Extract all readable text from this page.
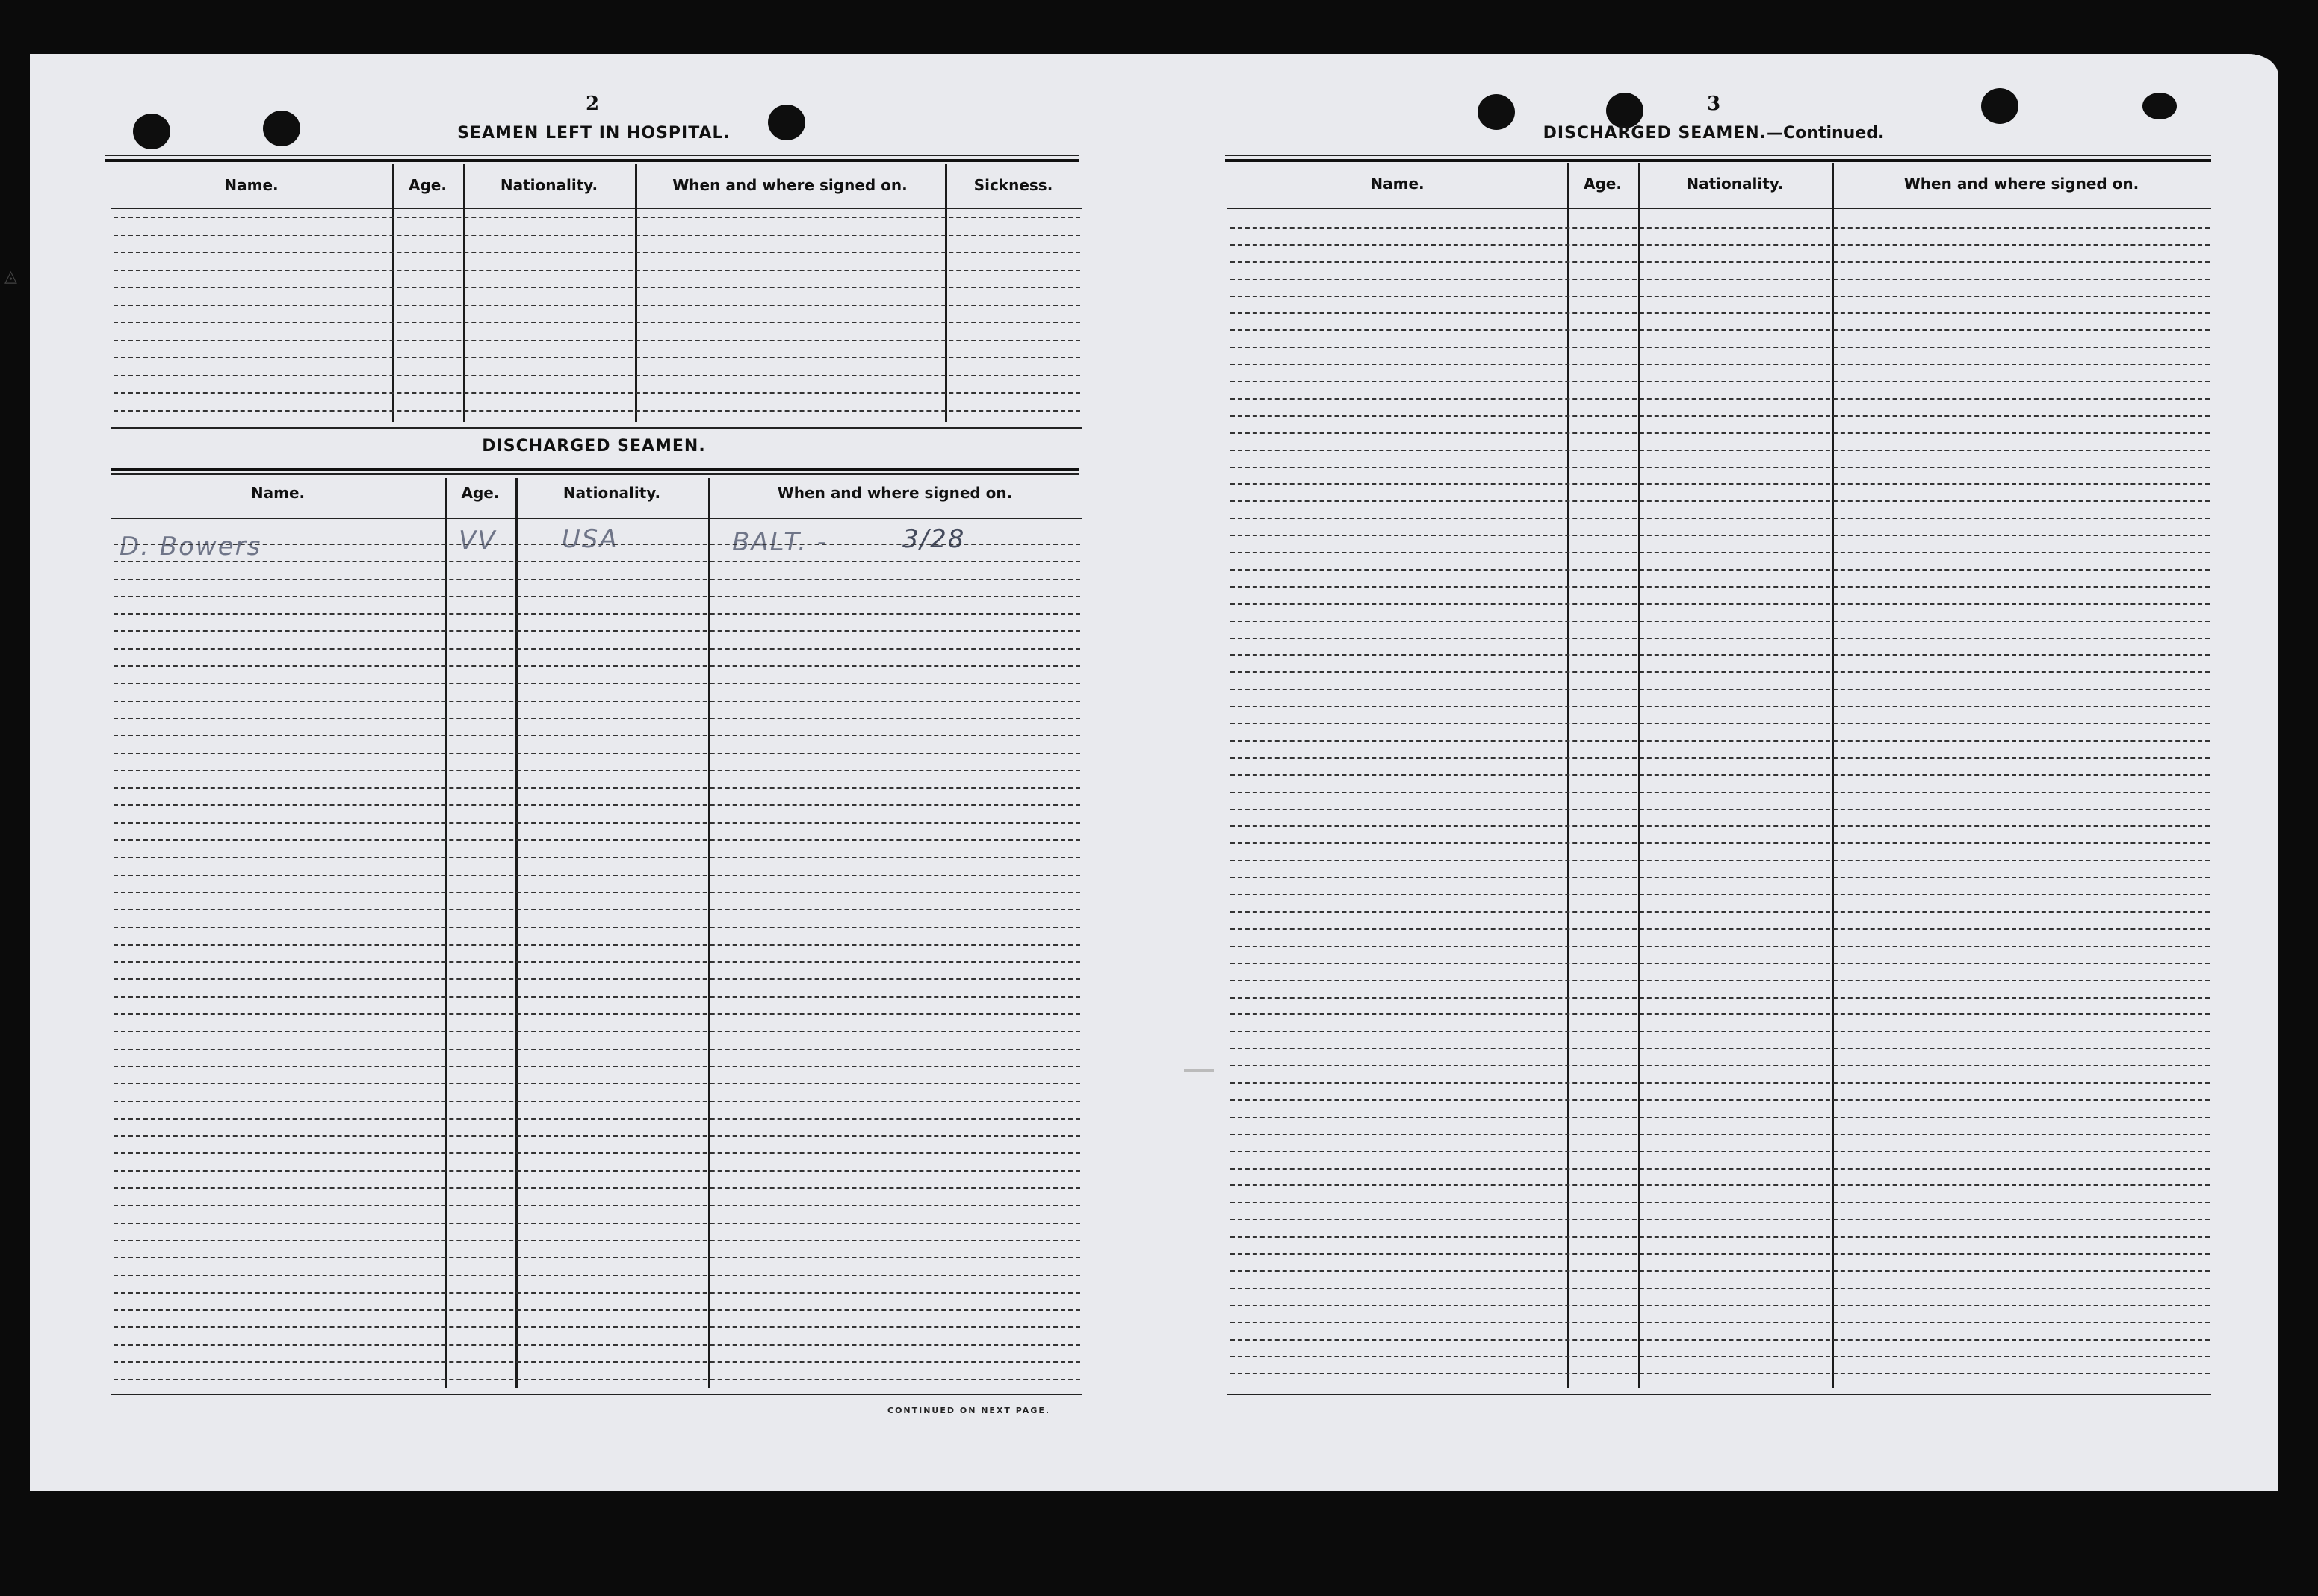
◬
2
SEAMEN LEFT IN HOSPITAL.
DISCHARGED SEAMEN.
D. Bowers	VV	USA	BALT. -	3/28
CONTINUED ON NEXT PAGE.
3
DISCHARGED SEAMEN.—Continued.
Name.	Age.	Nationality.	When and where signed on.	Sickness.
Name.	Age.	Nationality.	When and where signed on.
Name.	Age.	Nationality.	When and where signed on.
